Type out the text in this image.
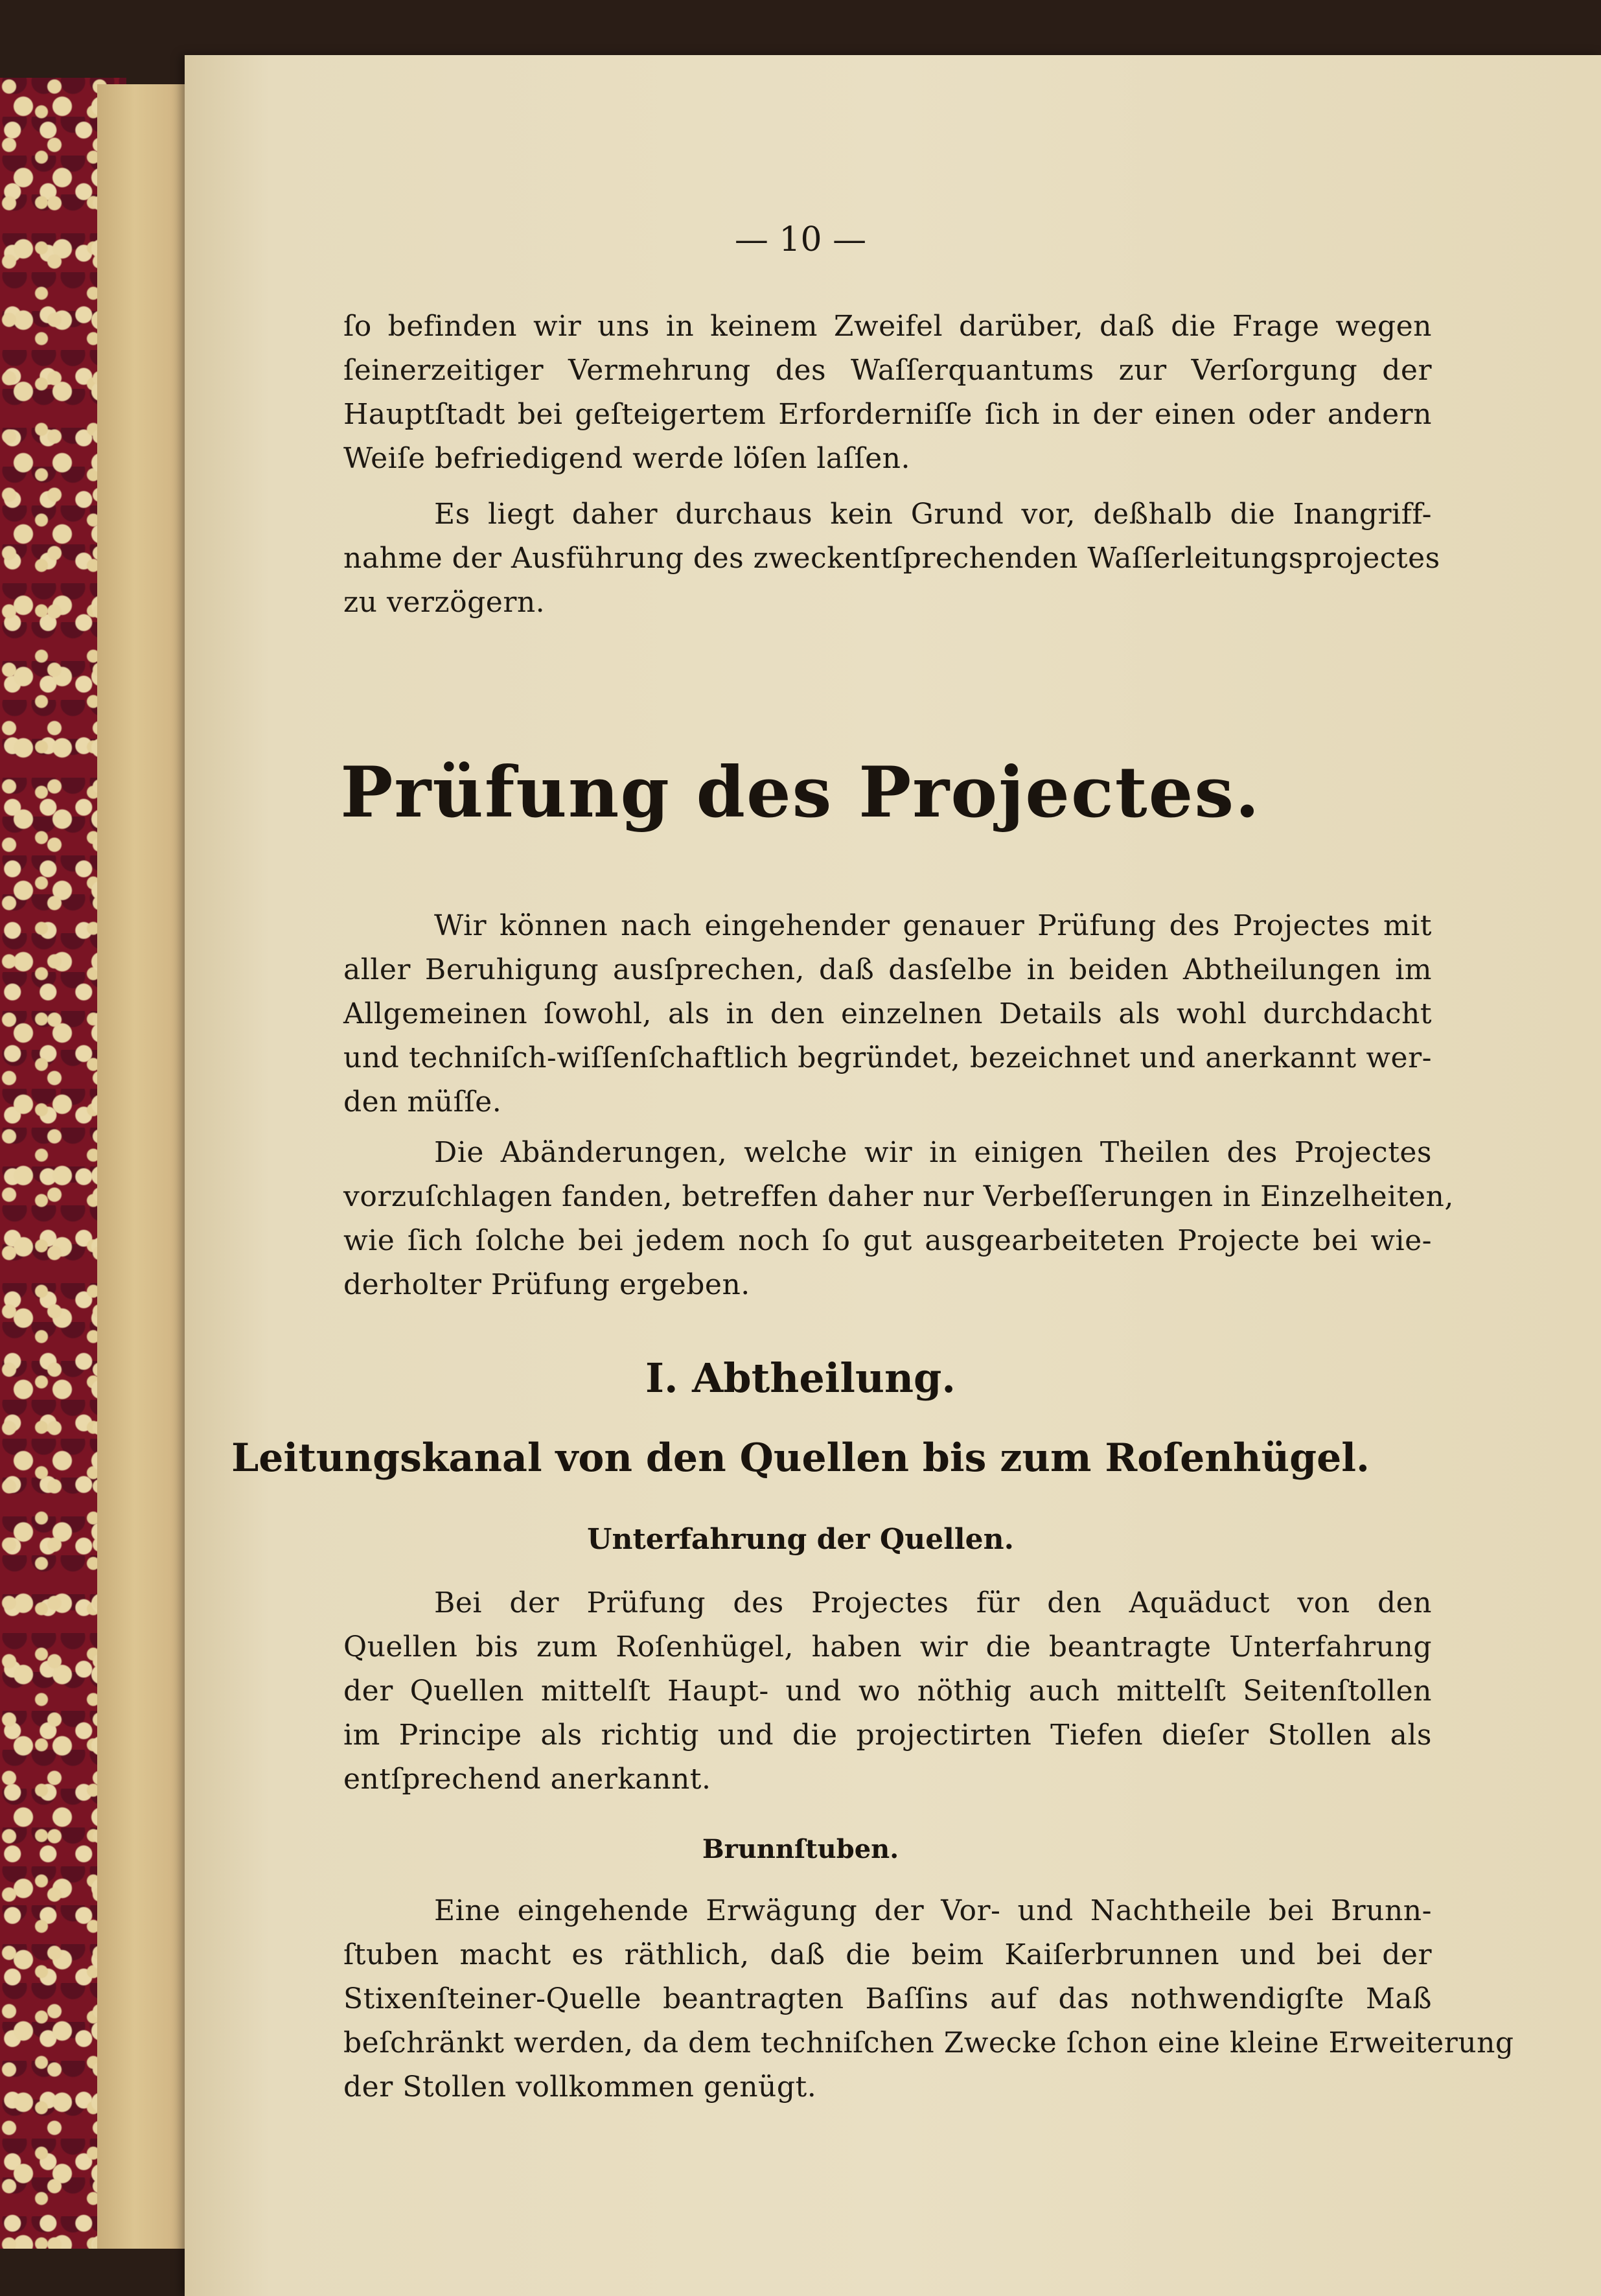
— 10 —
ſo befinden wir uns in keinem Zweifel darüber, daß die Frage wegen
ſeinerzeitiger Vermehrung des Waſſerquantums zur Verſorgung der
Hauptſtadt bei geſteigertem Erforderniſſe ſich in der einen oder andern
Weiſe befriedigend werde löſen laſſen.
Es liegt daher durchaus kein Grund vor, deßhalb die Inangriff-
nahme der Ausführung des zweckentſprechenden Waſſerleitungsprojectes
zu verzögern.
Prüfung des Projectes.
Wir können nach eingehender genauer Prüfung des Projectes mit
aller Beruhigung ausſprechen, daß dasſelbe in beiden Abtheilungen im
Allgemeinen ſowohl, als in den einzelnen Details als wohl durchdacht
und techniſch-wiſſenſchaftlich begründet, bezeichnet und anerkannt wer-
den müſſe.
Die Abänderungen, welche wir in einigen Theilen des Projectes
vorzuſchlagen fanden, betreffen daher nur Verbeſſerungen in Einzelheiten,
wie ſich ſolche bei jedem noch ſo gut ausgearbeiteten Projecte bei wie-
derholter Prüfung ergeben.
I. Abtheilung.
Leitungskanal von den Quellen bis zum Roſenhügel.
Unterfahrung der Quellen.
Bei der Prüfung des Projectes für den Aquäduct von den
Quellen bis zum Roſenhügel, haben wir die beantragte Unterfahrung
der Quellen mittelſt Haupt- und wo nöthig auch mittelſt Seitenſtollen
im Principe als richtig und die projectirten Tiefen dieſer Stollen als
entſprechend anerkannt.
Brunnſtuben.
Eine eingehende Erwägung der Vor- und Nachtheile bei Brunn-
ſtuben macht es räthlich, daß die beim Kaiſerbrunnen und bei der
Stixenſteiner-Quelle beantragten Baſſins auf das nothwendigſte Maß
beſchränkt werden, da dem techniſchen Zwecke ſchon eine kleine Erweiterung
der Stollen vollkommen genügt.
